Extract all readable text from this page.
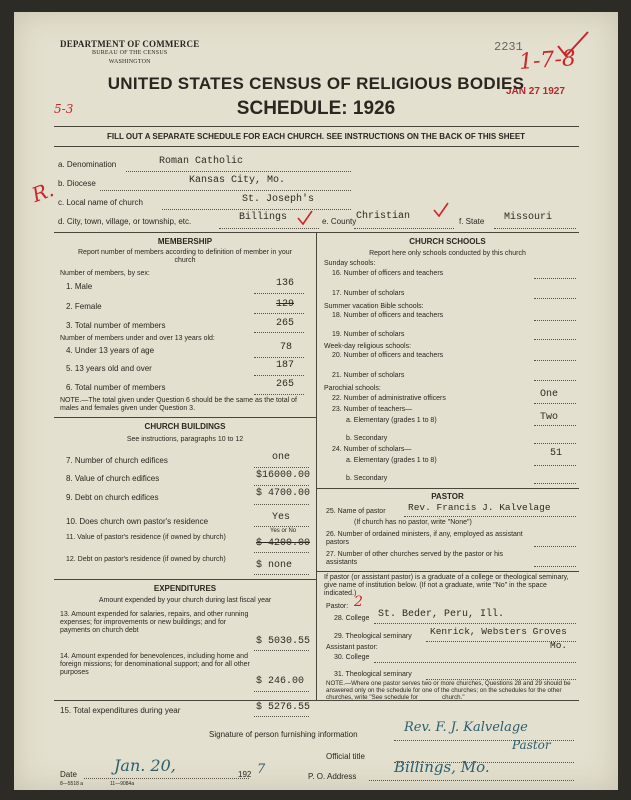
DEPARTMENT OF COMMERCE
BUREAU OF THE CENSUS
WASHINGTON
2231
1-7-8
JAN 27 1927
5-3
UNITED STATES CENSUS OF RELIGIOUS BODIES
SCHEDULE: 1926
FILL OUT A SEPARATE SCHEDULE FOR EACH CHURCH. SEE INSTRUCTIONS ON THE BACK OF THIS SHEET
R.
a. Denomination	Roman Catholic
b. Diocese	Kansas City, Mo.
c. Local name of church	St. Joseph's
d. City, town, village, or township, etc.	Billings	e. County Christian	f. State Missouri
MEMBERSHIP
Report number of members according to definition of member in your church
Number of members, by sex:
1. Male	136
2. Female	129
3. Total number of members	265
Number of members under and over 13 years old:
4. Under 13 years of age	78
5. 13 years old and over	187
6. Total number of members	265
NOTE.—The total given under Question 6 should be the same as the total of males and females given under Question 3.
CHURCH BUILDINGS
See instructions, paragraphs 10 to 12
7. Number of church edifices	one
8. Value of church edifices	$16000.00
9. Debt on church edifices	$ 4700.00
10. Does church own pastor's residence	Yes
Yes or No
11. Value of pastor's residence (if owned by church)
$ 4200.00
12. Debt on pastor's residence (if owned by church)
$ none
EXPENDITURES
Amount expended by your church during last fiscal year
13. Amount expended for salaries, repairs, and other running expenses; for improvements or new buildings; and for payments on church debt
$ 5030.55
14. Amount expended for benevolences, including home and foreign missions; for denominational support; and for all other purposes
$ 246.00
15. Total expenditures during year	$ 5276.55
CHURCH SCHOOLS
Report here only schools conducted by this church
Sunday schools:
16. Number of officers and teachers
17. Number of scholars
Summer vacation Bible schools:
18. Number of officers and teachers
19. Number of scholars
Week-day religious schools:
20. Number of officers and teachers
21. Number of scholars
Parochial schools:
22. Number of administrative officers	One
23. Number of teachers—
a. Elementary (grades 1 to 8)	Two
b. Secondary
24. Number of scholars—
a. Elementary (grades 1 to 8)
51
b. Secondary
PASTOR
25. Name of pastor Rev. Francis J. Kalvelage
(If church has no pastor, write "None")
26. Number of ordained ministers, if any, employed as assistant pastors
27. Number of other churches served by the pastor or his assistants
If pastor (or assistant pastor) is a graduate of a college or theological seminary, give name of institution below. (If not a graduate, write "No" in the space indicated.)
Pastor: 2
28. College St. Beder, Peru, Ill.
29. Theological seminary Kenrick, Websters Groves
Mo.
Assistant pastor:
30. College
31. Theological seminary
NOTE.—Where one pastor serves two or more churches, Questions 28 and 29 should be answered only on the schedule for one of the churches; on the schedules for the other churches, write "See schedule for ______ church."
Signature of person furnishing information	Rev. F. J. Kalvelage
Official title
Pastor
Date Jan. 20,	192 7	P. O. Address
Billings, Mo.
8—5518 a	11—9084a
